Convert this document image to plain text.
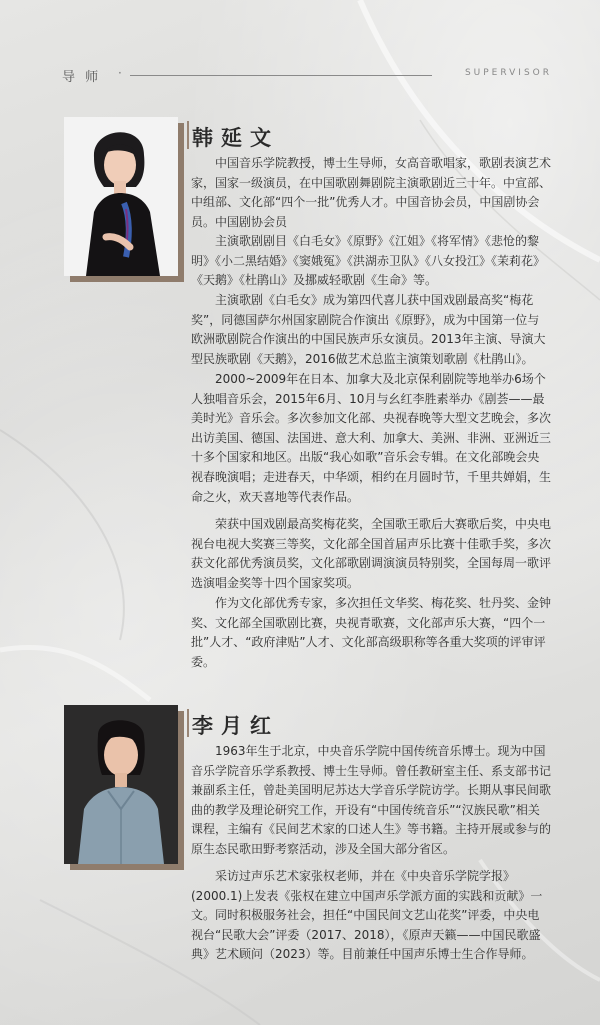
导 师 ·	SUPERVISOR
韩延文

中国音乐学院教授，博士生导师，女高音歌唱家，歌剧表演艺术家，国家一级演员，在中国歌剧舞剧院主演歌剧近三十年。中宣部、中组部、文化部“四个一批”优秀人才。中国音协会员，中国剧协会员。中国剧协会员

主演歌剧剧目《白毛女》《原野》《江姐》《将军情》《悲怆的黎明》《小二黑结婚》《窦娥冤》《洪湖赤卫队》《八女投江》《茉莉花》《天鹅》《杜鹃山》及挪威轻歌剧《生命》等。

主演歌剧《白毛女》成为第四代喜儿获中国戏剧最高奖“梅花奖”，同德国萨尔州国家剧院合作演出《原野》，成为中国第一位与欧洲歌剧院合作演出的中国民族声乐女演员。2013年主演、导演大型民族歌剧《天鹅》，2016做艺术总监主演策划歌剧《杜鹃山》。

2000~2009年在日本、加拿大及北京保利剧院等地举办6场个人独唱音乐会，2015年6月、10月与幺红李胜素举办《剧荟——最美时光》音乐会。多次参加文化部、央视春晚等大型文艺晚会，多次出访美国、德国、法国进、意大利、加拿大、美洲、非洲、亚洲近三十多个国家和地区。出版“我心如歌”音乐会专辑。在文化部晚会央视春晚演唱；走进春天，中华颂，相约在月圆时节，千里共婵娟，生命之火，欢天喜地等代表作品。

荣获中国戏剧最高奖梅花奖，全国歌王歌后大赛歌后奖，中央电视台电视大奖赛三等奖，文化部全国首届声乐比赛十佳歌手奖，多次获文化部优秀演员奖，文化部歌剧调演演员特别奖，全国每周一歌评选演唱金奖等十四个国家奖项。

作为文化部优秀专家，多次担任文华奖、梅花奖、牡丹奖、金钟奖、文化部全国歌剧比赛，央视青歌赛，文化部声乐大赛，“四个一批”人才、“政府津贴”人才、文化部高级职称等各重大奖项的评审评委。

李月红

1963年生于北京，中央音乐学院中国传统音乐博士。现为中国音乐学院音乐学系教授、博士生导师。曾任教研室主任、系支部书记兼副系主任，曾赴美国明尼苏达大学音乐学院访学。长期从事民间歌曲的教学及理论研究工作，开设有“中国传统音乐”“汉族民歌”相关课程，主编有《民间艺术家的口述人生》等书籍。主持开展或参与的原生态民歌田野考察活动，涉及全国大部分省区。

采访过声乐艺术家张权老师，并在《中央音乐学院学报》(2000.1)上发表《张权在建立中国声乐学派方面的实践和贡献》一文。同时积极服务社会，担任“中国民间文艺山花奖”评委，中央电视台“民歌大会”评委（2017、2018），《原声天籁——中国民歌盛典》艺术顾问（2023）等。目前兼任中国声乐博士生合作导师。
